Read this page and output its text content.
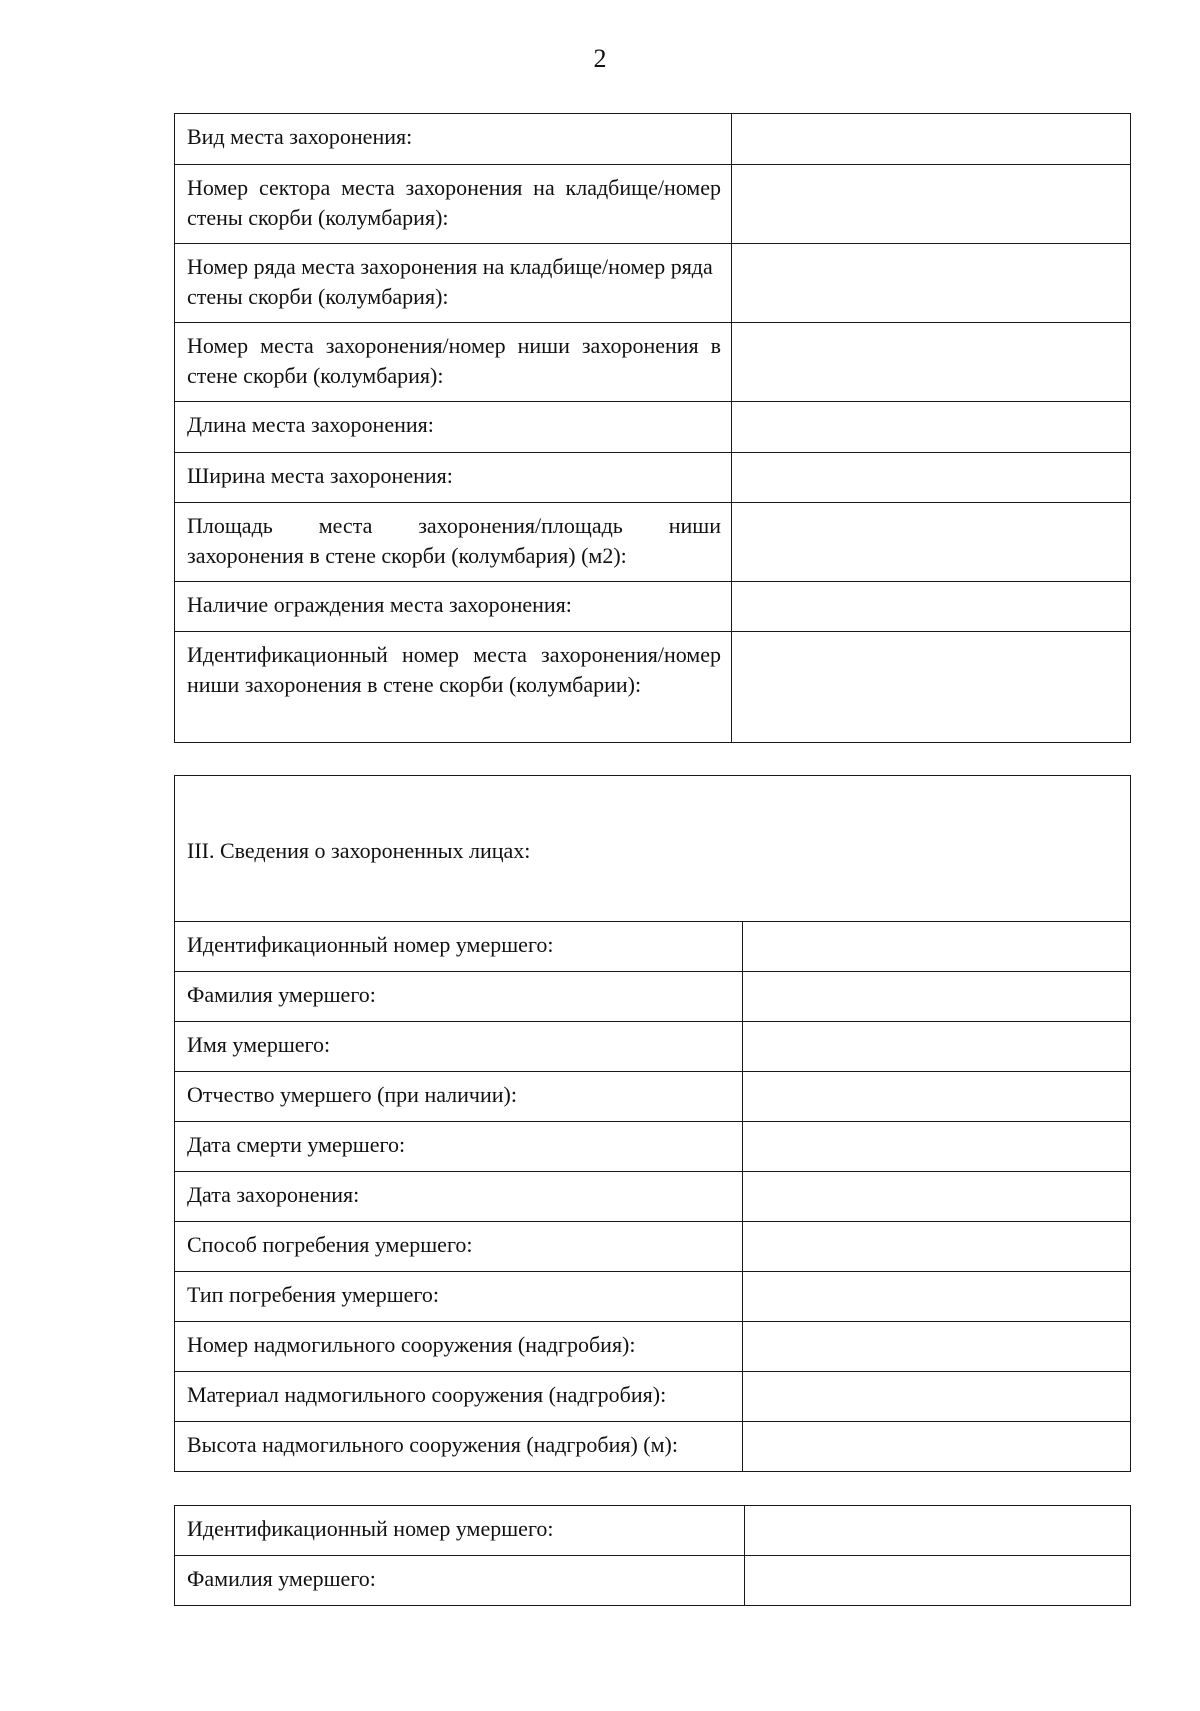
2
Вид места захоронения:	
Номер сектора места захоронения на кладбище/номер стены скорби (колумбария):	
Номер ряда места захоронения на кладбище/номер ряда стены скорби (колумбария):	
Номер места захоронения/номер ниши захоронения в стене скорби (колумбария):	
Длина места захоронения:	
Ширина места захоронения:	
Площадь места захоронения/площадь ниши захоронения в стене скорби (колумбария) (м2):	
Наличие ограждения места захоронения:	
Идентификационный номер места захоронения/номер ниши захоронения в стене скорби (колумбарии):	
III. Сведения о захороненных лицах:	
Идентификационный номер умершего:	
Фамилия умершего:	
Имя умершего:	
Отчество умершего (при наличии):	
Дата смерти умершего:	
Дата захоронения:	
Способ погребения умершего:	
Тип погребения умершего:	
Номер надмогильного сооружения (надгробия):	
Материал надмогильного сооружения (надгробия):	
Высота надмогильного сооружения (надгробия) (м):	
Идентификационный номер умершего:	
Фамилия умершего:	
